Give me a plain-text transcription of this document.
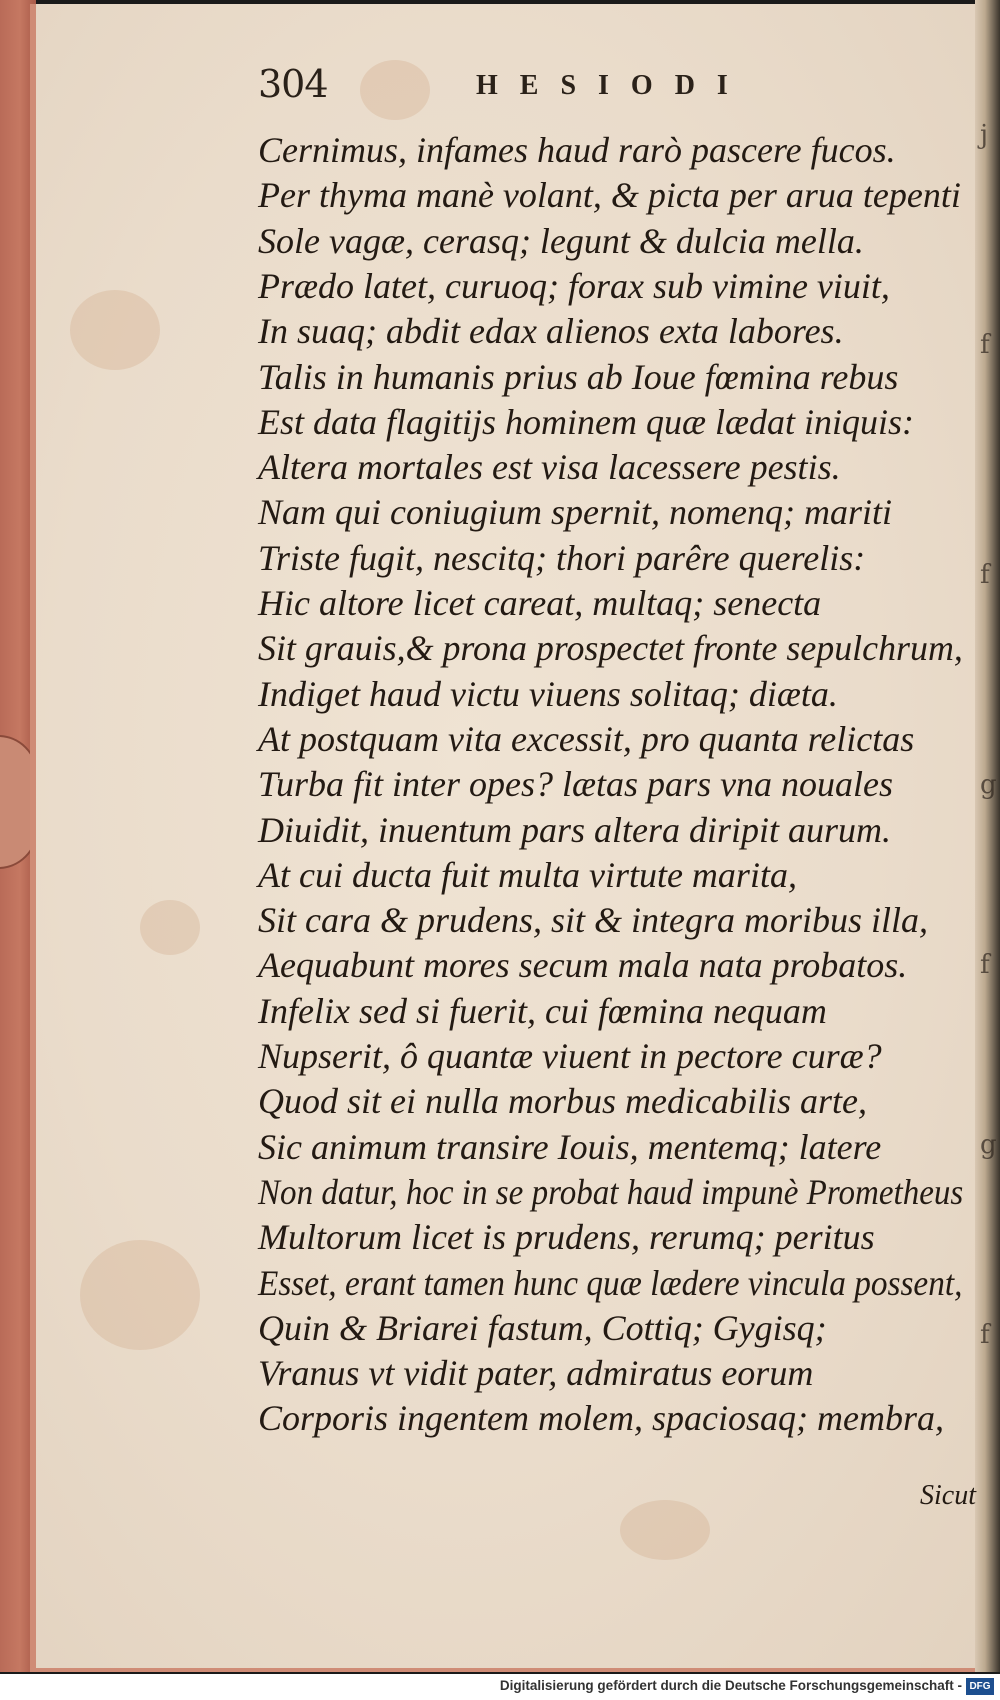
j
f
f
g
f
g
f
304	HESIODI
Cernimus, infames haud rarò pascere fucos.
Per thyma manè volant, & picta per arua tepenti
Sole vagæ, cerasq; legunt & dulcia mella.
Prædo latet, curuoq; forax sub vimine viuit,
In suaq; abdit edax alienos exta labores.
Talis in humanis prius ab Ioue fœmina rebus
Est data flagitijs hominem quæ lædat iniquis:
Altera mortales est visa lacessere pestis.
Nam qui coniugium spernit, nomenq; mariti
Triste fugit, nescitq; thori parêre querelis:
Hic altore licet careat, multaq; senecta
Sit grauis,& prona prospectet fronte sepulchrum,
Indiget haud victu viuens solitaq; diæta.
At postquam vita excessit, pro quanta relictas
Turba fit inter opes? lætas pars vna nouales
Diuidit, inuentum pars altera diripit aurum.
At cui ducta fuit multa virtute marita,
Sit cara & prudens, sit & integra moribus illa,
Aequabunt mores secum mala nata probatos.
Infelix sed si fuerit, cui fœmina nequam
Nupserit, ô quantæ viuent in pectore curæ?
Quod sit ei nulla morbus medicabilis arte,
Sic animum transire Iouis, mentemq; latere
Non datur, hoc in se probat haud impunè Prometheus
Multorum licet is prudens, rerumq; peritus
Esset, erant tamen hunc quæ lædere vincula possent,
Quin & Briarei fastum, Cottiq; Gygisq;
Vranus vt vidit pater, admiratus eorum
Corporis ingentem molem, spaciosaq; membra,
Sicut
Digitalisierung gefördert durch die Deutsche Forschungsgemeinschaft - DFG
